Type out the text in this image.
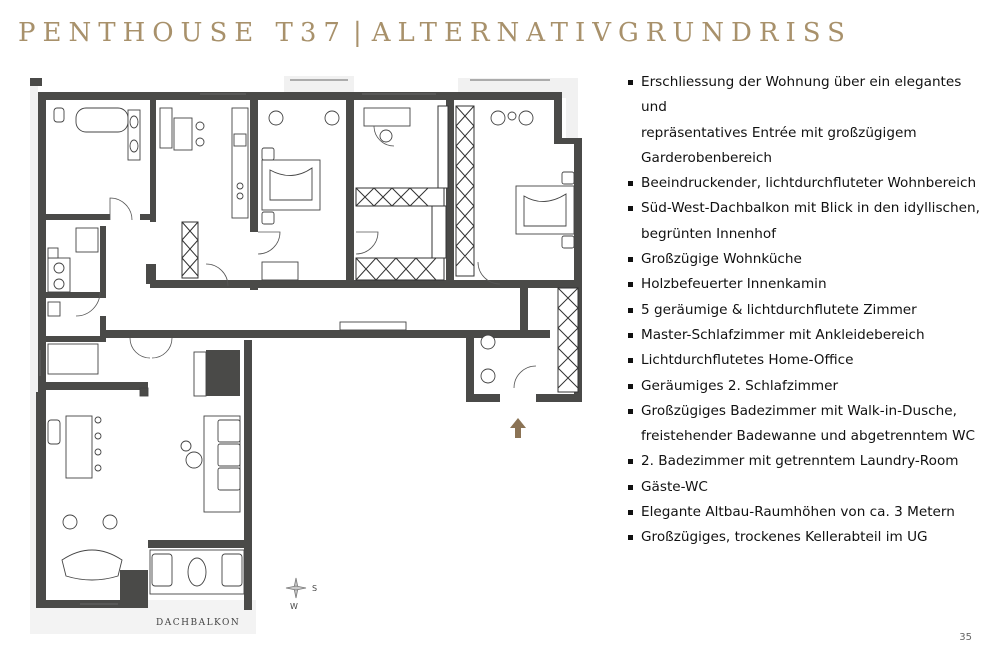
PENTHOUSE T37 | ALTERNATIVGRUNDRISS
DACHBALKON
S
W
Erschliessung der Wohnung über ein elegantes und
repräsentatives Entrée mit großzügigem
Garderobenbereich
Beeindruckender, lichtdurchfluteter Wohnbereich
Süd-West-Dachbalkon mit Blick in den idyllischen,
begrünten Innenhof
Großzügige Wohnküche
Holzbefeuerter Innenkamin
5 geräumige & lichtdurchflutete Zimmer
Master-Schlafzimmer mit Ankleidebereich
Lichtdurchflutetes Home-Office
Geräumiges 2. Schlafzimmer
Großzügiges Badezimmer mit Walk-in-Dusche,
freistehender Badewanne und abgetrenntem WC
2. Badezimmer mit getrenntem Laundry-Room
Gäste-WC
Elegante Altbau-Raumhöhen von ca. 3 Metern
Großzügiges, trockenes Kellerabteil im UG
35
